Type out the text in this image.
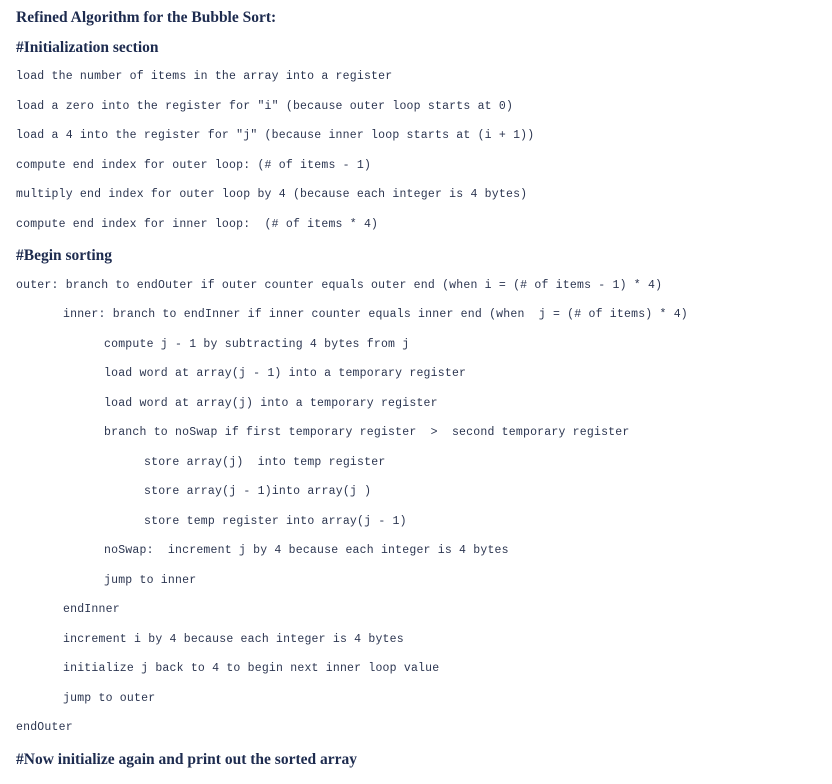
Refined Algorithm for the Bubble Sort:
#Initialization section
load the number of items in the array into a register
load a zero into the register for "i" (because outer loop starts at 0)
load a 4 into the register for "j" (because inner loop starts at (i + 1))
compute end index for outer loop: (# of items - 1)
multiply end index for outer loop by 4 (because each integer is 4 bytes)
compute end index for inner loop:  (# of items * 4)
#Begin sorting
outer: branch to endOuter if outer counter equals outer end (when i = (# of items - 1) * 4)
inner: branch to endInner if inner counter equals inner end (when  j = (# of items) * 4)
compute j - 1 by subtracting 4 bytes from j
load word at array(j - 1) into a temporary register
load word at array(j) into a temporary register
branch to noSwap if first temporary register  >  second temporary register
store array(j)  into temp register
store array(j - 1)into array(j )
store temp register into array(j - 1)
noSwap:  increment j by 4 because each integer is 4 bytes
jump to inner
endInner
increment i by 4 because each integer is 4 bytes
initialize j back to 4 to begin next inner loop value
jump to outer
endOuter
#Now initialize again and print out the sorted array
